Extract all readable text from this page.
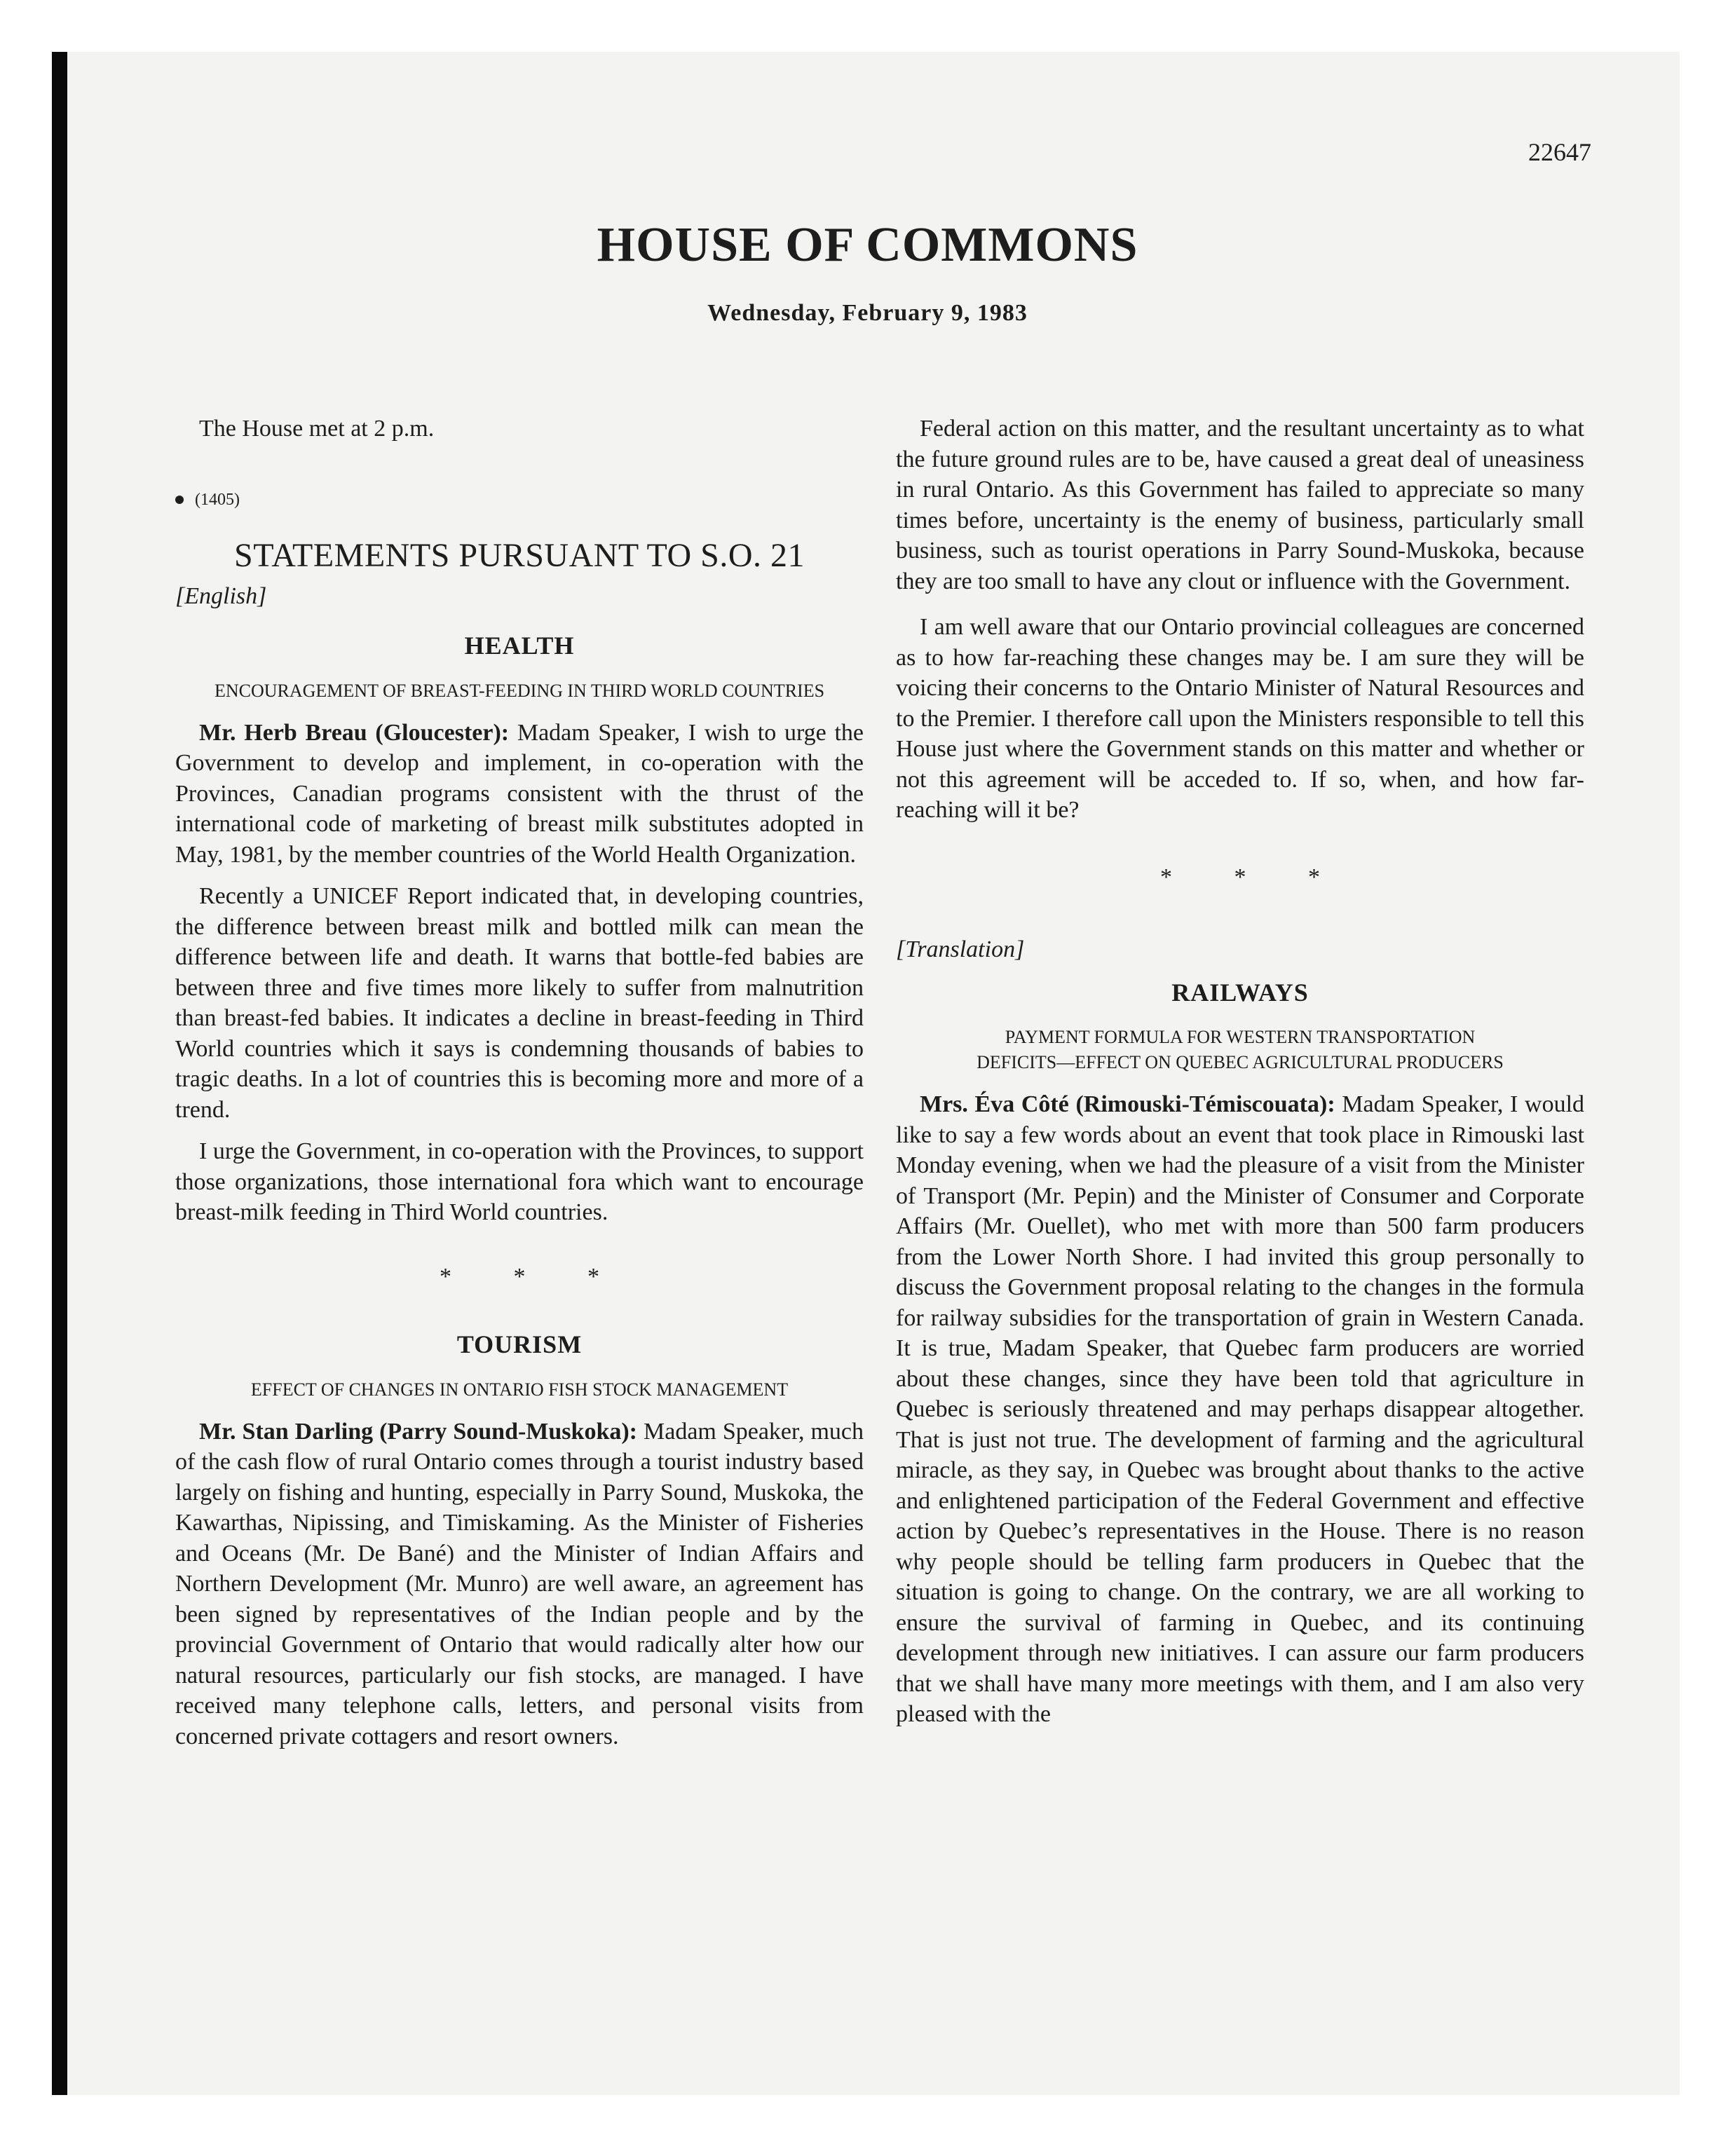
22647
HOUSE OF COMMONS
Wednesday, February 9, 1983

The House met at 2 p.m.

(1405)
STATEMENTS PURSUANT TO S.O. 21
[English]
HEALTH
ENCOURAGEMENT OF BREAST-FEEDING IN THIRD WORLD COUNTRIES

Mr. Herb Breau (Gloucester): Madam Speaker, I wish to urge the Government to develop and implement, in co-operation with the Provinces, Canadian programs consistent with the thrust of the international code of marketing of breast milk substitutes adopted in May, 1981, by the member countries of the World Health Organization.

Recently a UNICEF Report indicated that, in developing countries, the difference between breast milk and bottled milk can mean the difference between life and death. It warns that bottle-fed babies are between three and five times more likely to suffer from malnutrition than breast-fed babies. It indicates a decline in breast-feeding in Third World countries which it says is condemning thousands of babies to tragic deaths. In a lot of countries this is becoming more and more of a trend.

I urge the Government, in co-operation with the Provinces, to support those organizations, those international fora which want to encourage breast-milk feeding in Third World countries.

* * *
TOURISM
EFFECT OF CHANGES IN ONTARIO FISH STOCK MANAGEMENT

Mr. Stan Darling (Parry Sound-Muskoka): Madam Speaker, much of the cash flow of rural Ontario comes through a tourist industry based largely on fishing and hunting, especially in Parry Sound, Muskoka, the Kawarthas, Nipissing, and Timiskaming. As the Minister of Fisheries and Oceans (Mr. De Bané) and the Minister of Indian Affairs and Northern Development (Mr. Munro) are well aware, an agreement has been signed by representatives of the Indian people and by the provincial Government of Ontario that would radically alter how our natural resources, particularly our fish stocks, are managed. I have received many telephone calls, letters, and personal visits from concerned private cottagers and resort owners.

Federal action on this matter, and the resultant uncertainty as to what the future ground rules are to be, have caused a great deal of uneasiness in rural Ontario. As this Government has failed to appreciate so many times before, uncertainty is the enemy of business, particularly small business, such as tourist operations in Parry Sound-Muskoka, because they are too small to have any clout or influence with the Government.

I am well aware that our Ontario provincial colleagues are concerned as to how far-reaching these changes may be. I am sure they will be voicing their concerns to the Ontario Minister of Natural Resources and to the Premier. I therefore call upon the Ministers responsible to tell this House just where the Government stands on this matter and whether or not this agreement will be acceded to. If so, when, and how far-reaching will it be?

* * *
[Translation]
RAILWAYS
PAYMENT FORMULA FOR WESTERN TRANSPORTATION
DEFICITS—EFFECT ON QUEBEC AGRICULTURAL PRODUCERS

Mrs. Éva Côté (Rimouski-Témiscouata): Madam Speaker, I would like to say a few words about an event that took place in Rimouski last Monday evening, when we had the pleasure of a visit from the Minister of Transport (Mr. Pepin) and the Minister of Consumer and Corporate Affairs (Mr. Ouellet), who met with more than 500 farm producers from the Lower North Shore. I had invited this group personally to discuss the Government proposal relating to the changes in the formula for railway subsidies for the transportation of grain in Western Canada. It is true, Madam Speaker, that Quebec farm producers are worried about these changes, since they have been told that agriculture in Quebec is seriously threatened and may perhaps disappear altogether. That is just not true. The development of farming and the agricultural miracle, as they say, in Quebec was brought about thanks to the active and enlightened participation of the Federal Government and effective action by Quebec’s representatives in the House. There is no reason why people should be telling farm producers in Quebec that the situation is going to change. On the contrary, we are all working to ensure the survival of farming in Quebec, and its continuing development through new initiatives. I can assure our farm producers that we shall have many more meetings with them, and I am also very pleased with the
